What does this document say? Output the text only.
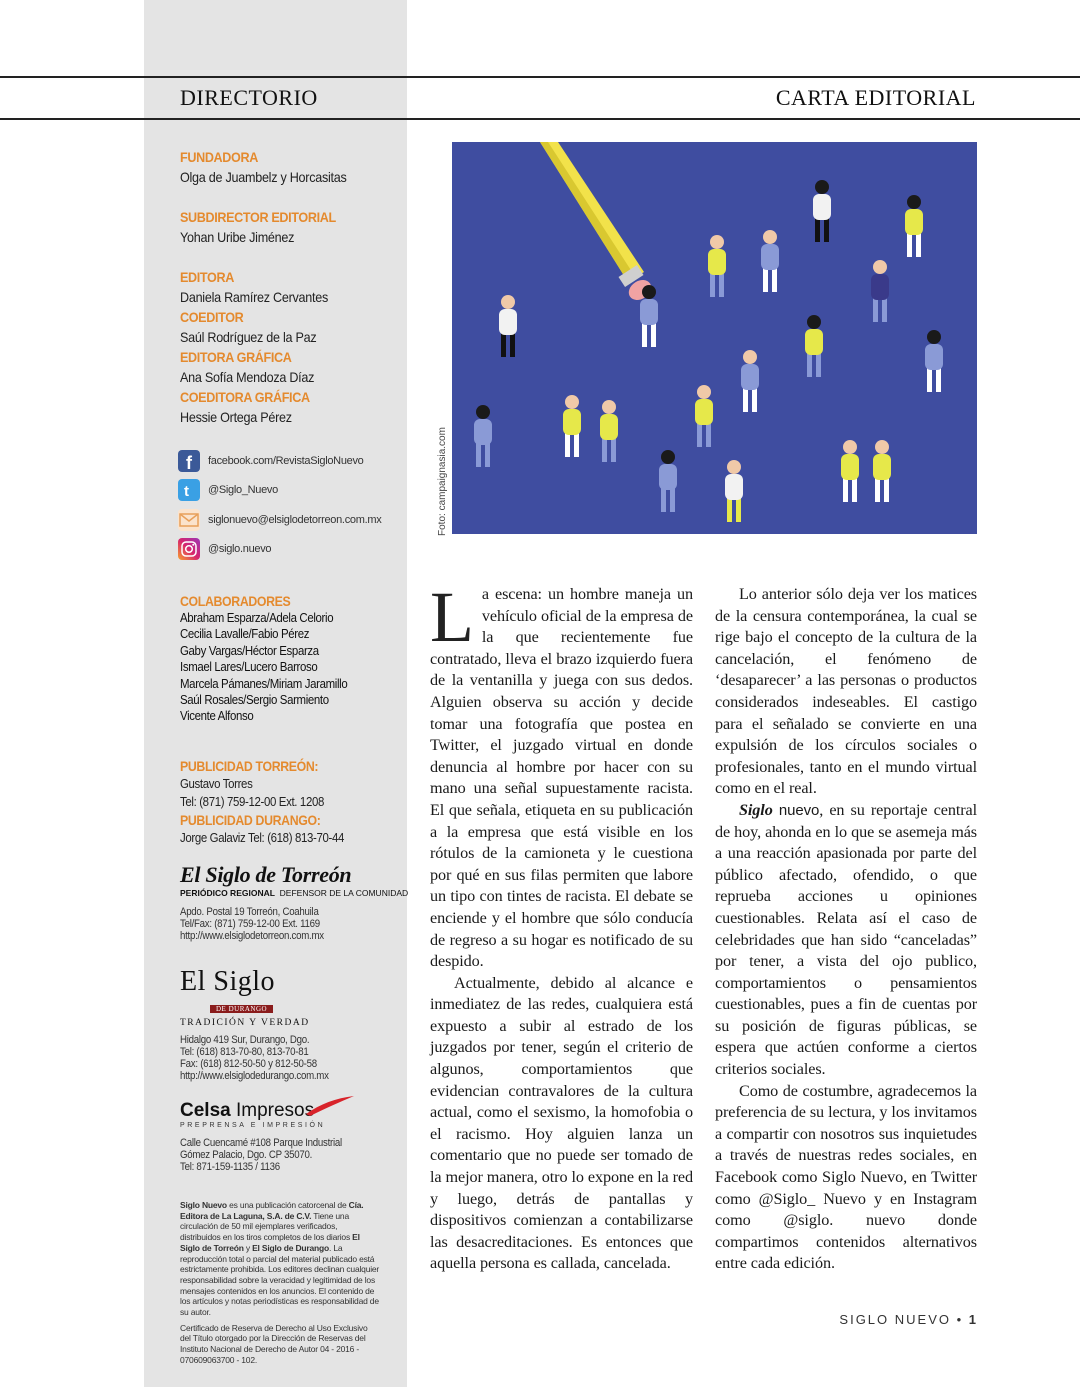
DIRECTORIO	CARTA EDITORIAL
FUNDADORA
Olga de Juambelz y Horcasitas
SUBDIRECTOR EDITORIAL
Yohan Uribe Jiménez
EDITORA
Daniela Ramírez Cervantes
COEDITOR
Saúl Rodríguez de la Paz
EDITORA GRÁFICA
Ana Sofía Mendoza Díaz
COEDITORA GRÁFICA
Hessie Ortega Pérez
f facebook.com/RevistaSigloNuevo
t @Siglo_Nuevo
siglonuevo@elsiglodetorreon.com.mx
@siglo.nuevo
COLABORADORES
Abraham Esparza/Adela Celorio
Cecilia Lavalle/Fabio Pérez
Gaby Vargas/Héctor Esparza
Ismael Lares/Lucero Barroso
Marcela Pámanes/Miriam Jaramillo
Saúl Rosales/Sergio Sarmiento
Vicente Alfonso
PUBLICIDAD TORREÓN:
Gustavo Torres
Tel: (871) 759-12-00 Ext. 1208
PUBLICIDAD DURANGO:
Jorge Galaviz Tel: (618) 813-70-44
El Siglo de Torreón
PERIÓDICO REGIONAL DEFENSOR DE LA COMUNIDAD
Apdo. Postal 19 Torreón, Coahuila
Tel/Fax: (871) 759-12-00 Ext. 1169
http://www.elsiglodetorreon.com.mx
El Siglo
DE DURANGO
TRADICIÓN Y VERDAD
Hidalgo 419 Sur, Durango, Dgo.
Tel: (618) 813-70-80, 813-70-81
Fax: (618) 812-50-50 y 812-50-58
http://www.elsiglodedurango.com.mx
Celsa Impresos
PREPRENSA E IMPRESIÓN
Calle Cuencamé #108 Parque Industrial
Gómez Palacio, Dgo. CP 35070.
Tel: 871-159-1135 / 1136

Siglo Nuevo es una publicación catorcenal de Cía. Editora de La Laguna, S.A. de C.V. Tiene una circulación de 50 mil ejemplares verificados, distribuidos en los tiros completos de los diarios El Siglo de Torreón y El Siglo de Durango. La reproducción total o parcial del material publicado está estrictamente prohibida. Los editores declinan cualquier responsabilidad sobre la veracidad y legitimidad de los mensajes contenidos en los anuncios. El contenido de los artículos y notas periodísticas es responsabilidad de su autor.

Certificado de Reserva de Derecho al Uso Exclusivo del Título otorgado por la Dirección de Reservas del Instituto Nacional de Derecho de Autor 04 - 2016 - 070609063700 - 102.

Foto: campaignasia.com

La escena: un hombre maneja un vehículo oficial de la empresa de la que recientemente fue contratado, lleva el brazo izquierdo fuera de la ventanilla y juega con sus dedos. Alguien observa su acción y decide tomar una fotografía que postea en Twitter, el juzgado virtual en donde denuncia al hombre por hacer con su mano una señal supuestamente racista. El que señala, etiqueta en su publicación a la empresa que está visible en los rótulos de la camioneta y le cuestiona por qué en sus filas permiten que labore un tipo con tintes de racista. El debate se enciende y el hombre que sólo conducía de regreso a su hogar es notificado de su despido.

Actualmente, debido al alcance e inmediatez de las redes, cualquiera está expuesto a subir al estrado de los juzgados por tener, según el criterio de algunos, comportamientos que evidencian contravalores de la cultura actual, como el sexismo, la homofobia o el racismo. Hoy alguien lanza un comentario que no puede ser tomado de la mejor manera, otro lo expone en la red y luego, detrás de pantallas y dispositivos comienzan a contabilizarse las desacreditaciones. Es entonces que aquella persona es callada, cancelada.

Lo anterior sólo deja ver los matices de la censura contemporánea, la cual se rige bajo el concepto de la cultura de la cancelación, el fenómeno de ‘desaparecer’ a las personas o productos considerados indeseables. El castigo para el señalado se convierte en una expulsión de los círculos sociales o profesionales, tanto en el mundo virtual como en el real.

Siglo nuevo, en su reportaje central de hoy, ahonda en lo que se asemeja más a una reacción apasionada por parte del público afectado, ofendido, o que reprueba acciones u opiniones cuestionables. Relata así el caso de celebridades que han sido “canceladas” por tener, a vista del ojo publico, comportamientos o pensamientos cuestionables, pues a fin de cuentas por su posición de figuras públicas, se espera que actúen conforme a ciertos criterios sociales.

Como de costumbre, agradecemos la preferencia de su lectura, y los invitamos a compartir con nosotros sus inquietudes a través de nuestras redes sociales, en Facebook como Siglo Nuevo, en Twitter como @Siglo_ Nuevo y en Instagram como @siglo. nuevo donde compartimos contenidos alternativos entre cada edición.

SIGLO NUEVO • 1
